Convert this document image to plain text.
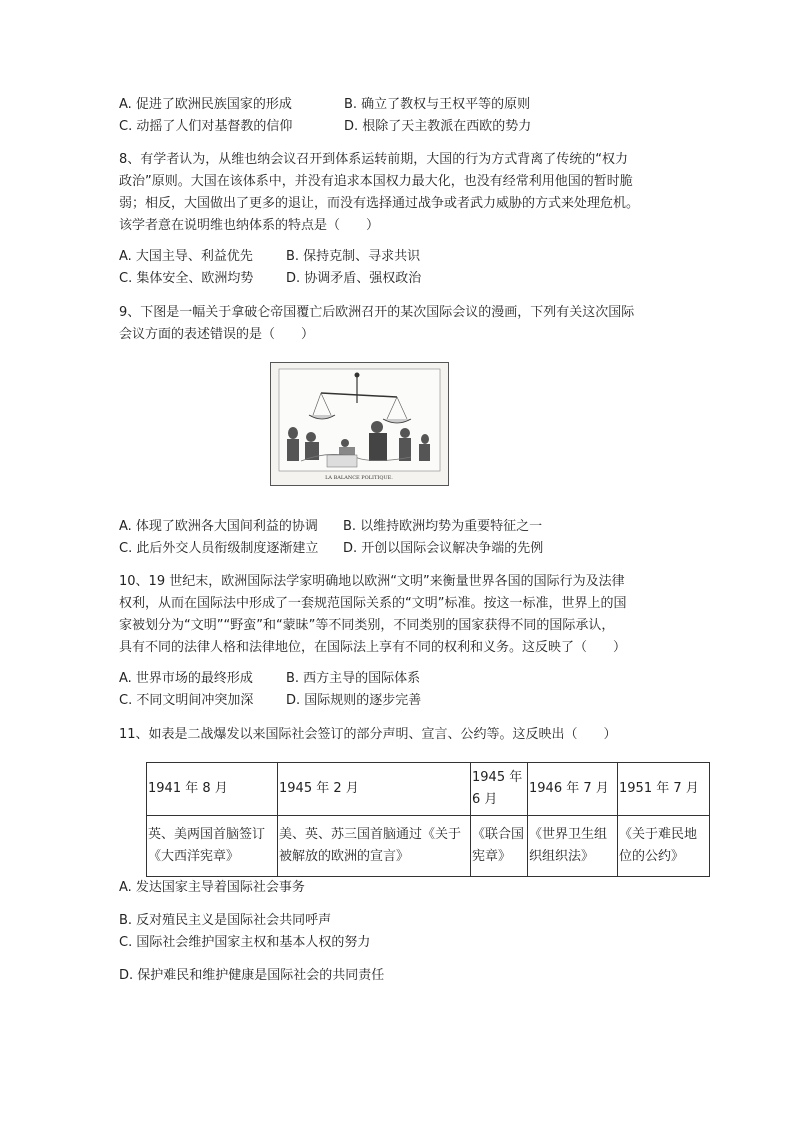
A. 促进了欧洲民族国家的形成	B. 确立了教权与王权平等的原则
C. 动摇了人们对基督教的信仰	D. 根除了天主教派在西欧的势力
8、有学者认为，从维也纳会议召开到体系运转前期，大国的行为方式背离了传统的“权力
政治”原则。大国在该体系中，并没有追求本国权力最大化，也没有经常利用他国的暂时脆
弱；相反，大国做出了更多的退让，而没有选择通过战争或者武力威胁的方式来处理危机。
该学者意在说明维也纳体系的特点是（　　）
A. 大国主导、利益优先	B. 保持克制、寻求共识
C. 集体安全、欧洲均势	D. 协调矛盾、强权政治
9、下图是一幅关于拿破仑帝国覆亡后欧洲召开的某次国际会议的漫画，下列有关这次国际
会议方面的表述错误的是（　　）
LA BALANCE POLITIQUE.
A. 体现了欧洲各大国间利益的协调 B. 以维持欧洲均势为重要特征之一
C. 此后外交人员衔级制度逐渐建立 D. 开创以国际会议解决争端的先例
10、19 世纪末，欧洲国际法学家明确地以欧洲“文明”来衡量世界各国的国际行为及法律
权利，从而在国际法中形成了一套规范国际关系的“文明”标准。按这一标准，世界上的国
家被划分为“文明”“野蛮”和“蒙昧”等不同类别，不同类别的国家获得不同的国际承认，
具有不同的法律人格和法律地位，在国际法上享有不同的权利和义务。这反映了（　　）
A. 世界市场的最终形成	B. 西方主导的国际体系
C. 不同文明间冲突加深	D. 国际规则的逐步完善
11、如表是二战爆发以来国际社会签订的部分声明、宣言、公约等。这反映出（　　）
1941 年 8 月	1945 年 2 月	1945 年 6 月	1946 年 7 月	1951 年 7 月
英、美两国首脑签订《大西洋宪章》	美、英、苏三国首脑通过《关于被解放的欧洲的宣言》	《联合国宪章》	《世界卫生组织组织法》	《关于难民地位的公约》
A. 发达国家主导着国际社会事务
B. 反对殖民主义是国际社会共同呼声
C. 国际社会维护国家主权和基本人权的努力
D. 保护难民和维护健康是国际社会的共同责任
